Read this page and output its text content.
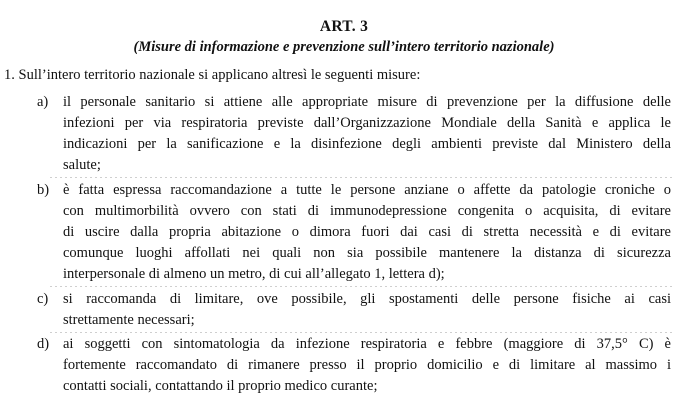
ART. 3
(Misure di informazione e prevenzione sull’intero territorio nazionale)
1. Sull’intero territorio nazionale si applicano altresì le seguenti misure:
a) il personale sanitario si attiene alle appropriate misure di prevenzione per la diffusione delle
infezioni per via respiratoria previste dall’Organizzazione Mondiale della Sanità e applica le
indicazioni per la sanificazione e la disinfezione degli ambienti previste dal Ministero della
salute;
b) è fatta espressa raccomandazione a tutte le persone anziane o affette da patologie croniche o
con multimorbilità ovvero con stati di immunodepressione congenita o acquisita, di evitare
di uscire dalla propria abitazione o dimora fuori dai casi di stretta necessità e di evitare
comunque luoghi affollati nei quali non sia possibile mantenere la distanza di sicurezza
interpersonale di almeno un metro, di cui all’allegato 1, lettera d);
c) si raccomanda di limitare, ove possibile, gli spostamenti delle persone fisiche ai casi
strettamente necessari;
d) ai soggetti con sintomatologia da infezione respiratoria e febbre (maggiore di 37,5° C) è
fortemente raccomandato di rimanere presso il proprio domicilio e di limitare al massimo i
contatti sociali, contattando il proprio medico curante;
